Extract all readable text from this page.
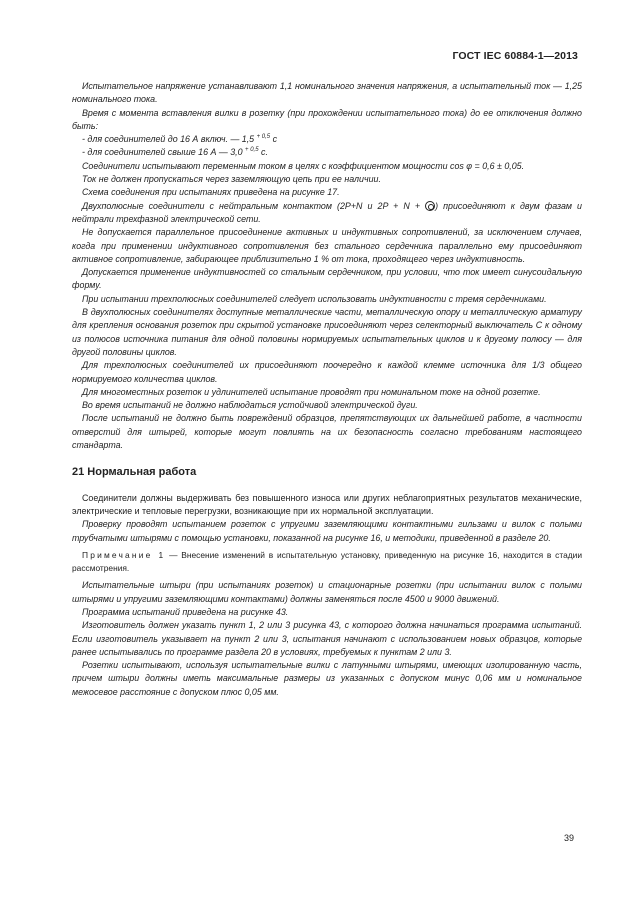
ГОСТ IEC 60884-1—2013

Испытательное напряжение устанавливают 1,1 номинального значения напряжения, а испытательный ток — 1,25 номинального тока.

Время с момента вставления вилки в розетку (при прохождении испытательного тока) до ее отключения должно быть:

- для соединителей до 16 А включ. — 1,5 $^{+ 0,5}$ с

- для соединителей свыше 16 А — 3,0 $^{+ 0,5}$ с.

Соединители испытывают переменным током в целях с коэффициентом мощности cos φ = 0,6 ± 0,05.

Ток не должен пропускаться через заземляющую цепь при ее наличии.

Схема соединения при испытаниях приведена на рисунке 17.

Двухполюсные соединители с нейтральным контактом (2P+N и 2P + N + ) присоединяют к двум фазам и нейтрали трехфазной электрической сети.

Не допускается параллельное присоединение активных и индуктивных сопротивлений, за исключением случаев, когда при применении индуктивного сопротивления без стального сердечника параллельно ему присоединяют активное сопротивление, забирающее приблизительно 1 % от тока, проходящего через индуктивность.

Допускается применение индуктивностей со стальным сердечником, при условии, что ток имеет синусоидальную форму.

При испытании трехполюсных соединителей следует использовать индуктивности с тремя сердечниками.

В двухполюсных соединителях доступные металлические части, металлическую опору и металлическую арматуру для крепления основания розеток при скрытой установке присоединяют через селекторный выключатель С к одному из полюсов источника питания для одной половины нормируемых испытательных циклов и к другому полюсу — для другой половины циклов.

Для трехполюсных соединителей их присоединяют поочередно к каждой клемме источника для 1/3 общего нормируемого количества циклов.

Для многоместных розеток и удлинителей испытание проводят при номинальном токе на одной розетке.

Во время испытаний не должно наблюдаться устойчивой электрической дуги.

После испытаний не должно быть повреждений образцов, препятствующих их дальнейшей работе, в частности отверстий для штырей, которые могут повлиять на их безопасность согласно требованиям настоящего стандарта.

21 Нормальная работа

Соединители должны выдерживать без повышенного износа или других неблагоприятных результатов механические, электрические и тепловые перегрузки, возникающие при их нормальной эксплуатации.

Проверку проводят испытанием розеток с упругими заземляющими контактными гильзами и вилок с полыми трубчатыми штырями с помощью установки, показанной на рисунке 16, и методики, приведенной в разделе 20.

Примечание 1 — Внесение изменений в испытательную установку, приведенную на рисунке 16, находится в стадии рассмотрения.

Испытательные штыри (при испытаниях розеток) и стационарные розетки (при испытании вилок с полыми штырями и упругими заземляющими контактами) должны заменяться после 4500 и 9000 движений.

Программа испытаний приведена на рисунке 43.

Изготовитель должен указать пункт 1, 2 или 3 рисунка 43, с которого должна начинаться программа испытаний. Если изготовитель указывает на пункт 2 или 3, испытания начинают с использованием новых образцов, которые ранее испытывались по программе раздела 20 в условиях, требуемых к пунктам 2 или 3.

Розетки испытывают, используя испытательные вилки с латунными штырями, имеющих изолированную часть, причем штыри должны иметь максимальные размеры из указанных с допуском минус 0,06 мм и номинальное межосевое расстояние с допуском плюс 0,05 мм.

39
